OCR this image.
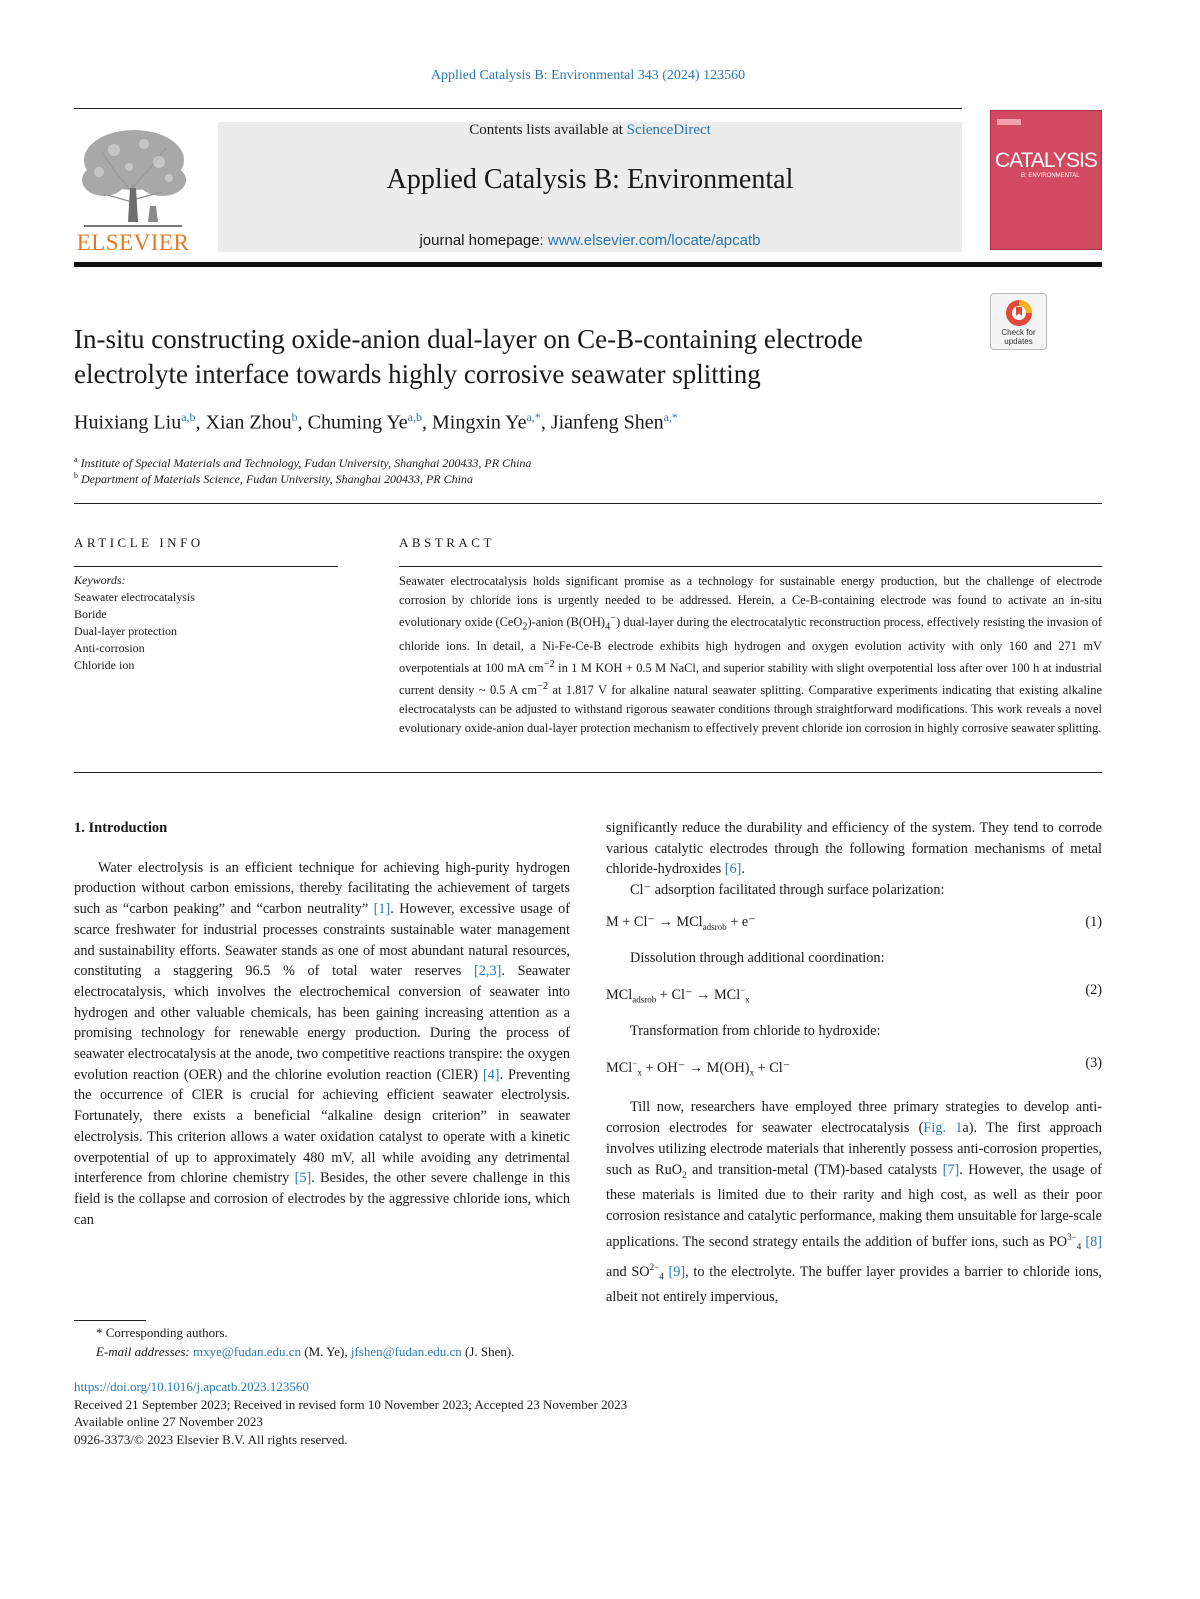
Applied Catalysis B: Environmental 343 (2024) 123560
ELSEVIER
Contents lists available at ScienceDirect
Applied Catalysis B: Environmental
journal homepage: www.elsevier.com/locate/apcatb
CATALYSIS
B: ENVIRONMENTAL
Check for
updates
In-situ constructing oxide-anion dual-layer on Ce-B-containing electrode electrolyte interface towards highly corrosive seawater splitting
Huixiang Liu$^{a,b}$, Xian Zhou$^b$, Chuming Ye$^{a,b}$, Mingxin $Ye^{a,*}$, Jianfeng Shen$^{a,*}$
$^a$ Institute of Special Materials and Technology, Fudan University, Shanghai 200433, PR China
$^b$ Department of Materials Science, Fudan University, Shanghai 200433, PR China
ARTICLE INFO	ABSTRACT
Keywords:
Seawater electrocatalysis
Boride
Dual-layer protection
Anti-corrosion
Chloride ion
Seawater electrocatalysis holds significant promise as a technology for sustainable energy production, but the challenge of electrode corrosion by chloride ions is urgently needed to be addressed. Herein, a Ce-B-containing electrode was found to activate an in-situ evolutionary oxide (CeO$_2$)-anion $(B(OH)_4^-)$ dual-layer during the electrocatalytic reconstruction process, effectively resisting the invasion of chloride ions. In detail, a Ni-Fe-Ce-B electrode exhibits high hydrogen and oxygen evolution activity with only 160 and 271 mV overpotentials at 100 mA $cm^{-2}$ in 1 M KOH + 0.5 M NaCl, and superior stability with slight overpotential loss after over 100 h at industrial current density ~ 0.5 A $cm^{-2}$ at 1.817 V for alkaline natural seawater splitting. Comparative experiments indicating that existing alkaline electrocatalysts can be adjusted to withstand rigorous seawater conditions through straightforward modifications. This work reveals a novel evolutionary oxide-anion dual-layer protection mechanism to effectively prevent chloride ion corrosion in highly corrosive seawater splitting.
1. Introduction

Water electrolysis is an efficient technique for achieving high-purity hydrogen production without carbon emissions, thereby facilitating the achievement of targets such as “carbon peaking” and “carbon neutrality” [1]. However, excessive usage of scarce freshwater for industrial processes constraints sustainable water management and sustainability efforts. Seawater stands as one of most abundant natural resources, constituting a staggering 96.5 % of total water reserves [2,3]. Seawater electrocatalysis, which involves the electrochemical conversion of seawater into hydrogen and other valuable chemicals, has been gaining increasing attention as a promising technology for renewable energy production. During the process of seawater electrocatalysis at the anode, two competitive reactions transpire: the oxygen evolution reaction (OER) and the chlorine evolution reaction (ClER) [4]. Preventing the occurrence of ClER is crucial for achieving efficient seawater electrolysis. Fortunately, there exists a beneficial “alkaline design criterion” in seawater electrolysis. This criterion allows a water oxidation catalyst to operate with a kinetic overpotential of up to approximately 480 mV, all while avoiding any detrimental interference from chlorine chemistry [5]. Besides, the other severe challenge in this field is the collapse and corrosion of electrodes by the aggressive chloride ions, which can

significantly reduce the durability and efficiency of the system. They tend to corrode various catalytic electrodes through the following formation mechanisms of metal chloride-hydroxides [6].

Cl⁻ adsorption facilitated through surface polarization:

M + Cl⁻ → MCl$_{adsrob}$ + e⁻	(1)

Dissolution through additional coordination:

MCl$_{adsrob}$ + Cl⁻ → MCl−$_x$
(2)

Transformation from chloride to hydroxide:

$MCl^-_x + OH^- \to M(OH)_x + Cl^-$	(3)

Till now, researchers have employed three primary strategies to develop anti-corrosion electrodes for seawater electrocatalysis (Fig. 1a). The first approach involves utilizing electrode materials that inherently possess anti-corrosion properties, such as RuO$_2$ and transition-metal (TM)-based catalysts [7]. However, the usage of these materials is limited due to their rarity and high cost, as well as their poor corrosion resistance and catalytic performance, making them unsuitable for large-scale applications. The second strategy entails the addition of buffer ions, such as $PO^{3-}_4$ [8] and $SO^{2-}_4$ [9], to the electrolyte. The buffer layer provides a barrier to chloride ions, albeit not entirely impervious,

* Corresponding authors.
E-mail addresses: mxye@fudan.edu.cn (M. Ye), jfshen@fudan.edu.cn (J. Shen).
https://doi.org/10.1016/j.apcatb.2023.123560
Received 21 September 2023; Received in revised form 10 November 2023; Accepted 23 November 2023
Available online 27 November 2023
0926-3373/© 2023 Elsevier B.V. All rights reserved.
